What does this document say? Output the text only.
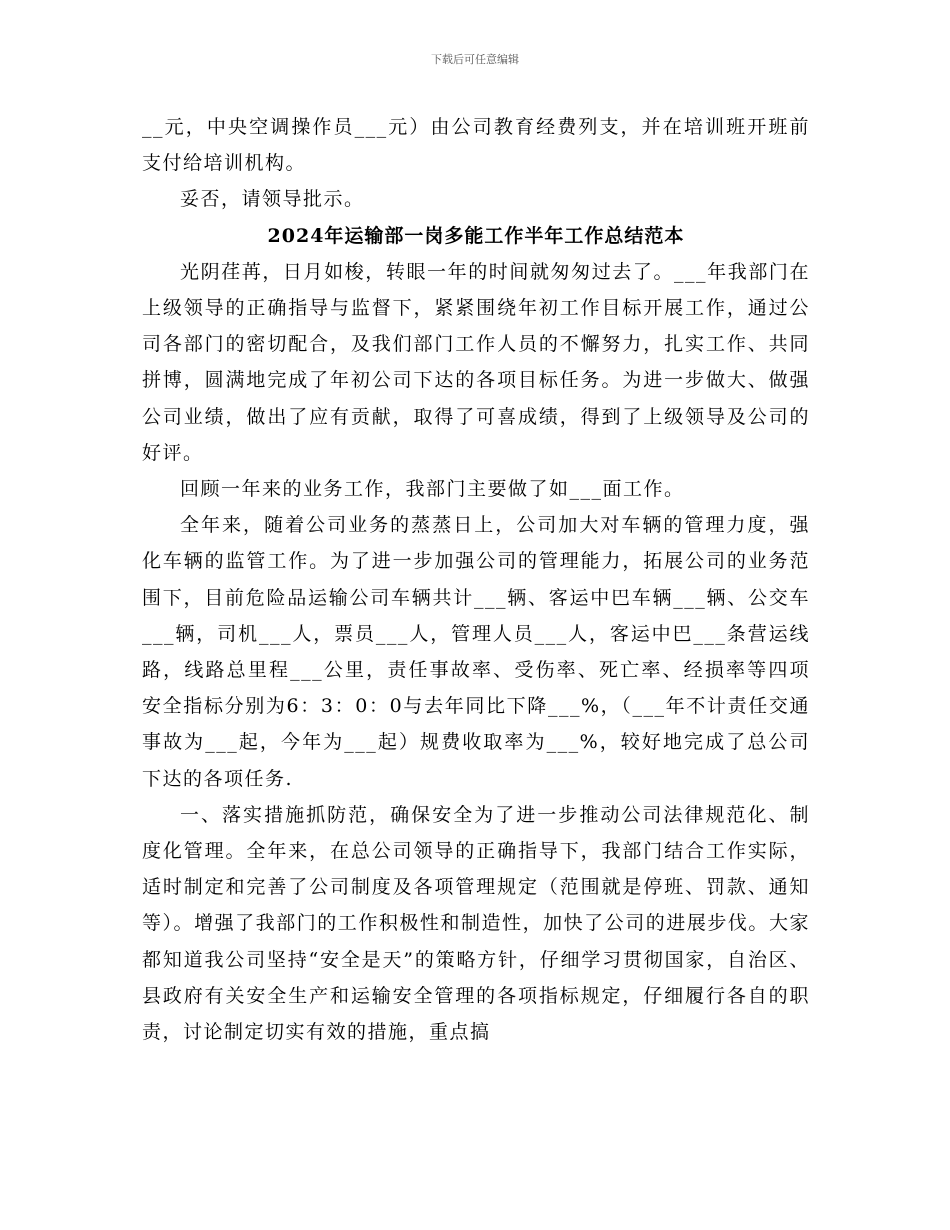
下载后可任意编辑

__元，中央空调操作员___元）由公司教育经费列支，并在培训班开班前支付给培训机构。

妥否，请领导批示。

2024年运输部一岗多能工作半年工作总结范本

光阴荏苒，日月如梭，转眼一年的时间就匆匆过去了。___年我部门在上级领导的正确指导与监督下，紧紧围绕年初工作目标开展工作，通过公司各部门的密切配合，及我们部门工作人员的不懈努力，扎实工作、共同拼博，圆满地完成了年初公司下达的各项目标任务。为进一步做大、做强公司业绩，做出了应有贡献，取得了可喜成绩，得到了上级领导及公司的好评。

回顾一年来的业务工作，我部门主要做了如___面工作。

全年来，随着公司业务的蒸蒸日上，公司加大对车辆的管理力度，强化车辆的监管工作。为了进一步加强公司的管理能力，拓展公司的业务范围下，目前危险品运输公司车辆共计___辆、客运中巴车辆___辆、公交车___辆，司机___人，票员___人，管理人员___人，客运中巴___条营运线路，线路总里程___公里，责任事故率、受伤率、死亡率、经损率等四项安全指标分别为6：3：0：0与去年同比下降___%，（___年不计责任交通事故为___起，今年为___起）规费收取率为___%，较好地完成了总公司下达的各项任务.

一、落实措施抓防范，确保安全为了进一步推动公司法律规范化、制度化管理。全年来，在总公司领导的正确指导下，我部门结合工作实际，适时制定和完善了公司制度及各项管理规定（范围就是停班、罚款、通知等）。增强了我部门的工作积极性和制造性，加快了公司的进展步伐。大家都知道我公司坚持“安全是天”的策略方针，仔细学习贯彻国家，自治区、县政府有关安全生产和运输安全管理的各项指标规定，仔细履行各自的职责，讨论制定切实有效的措施，重点搞
